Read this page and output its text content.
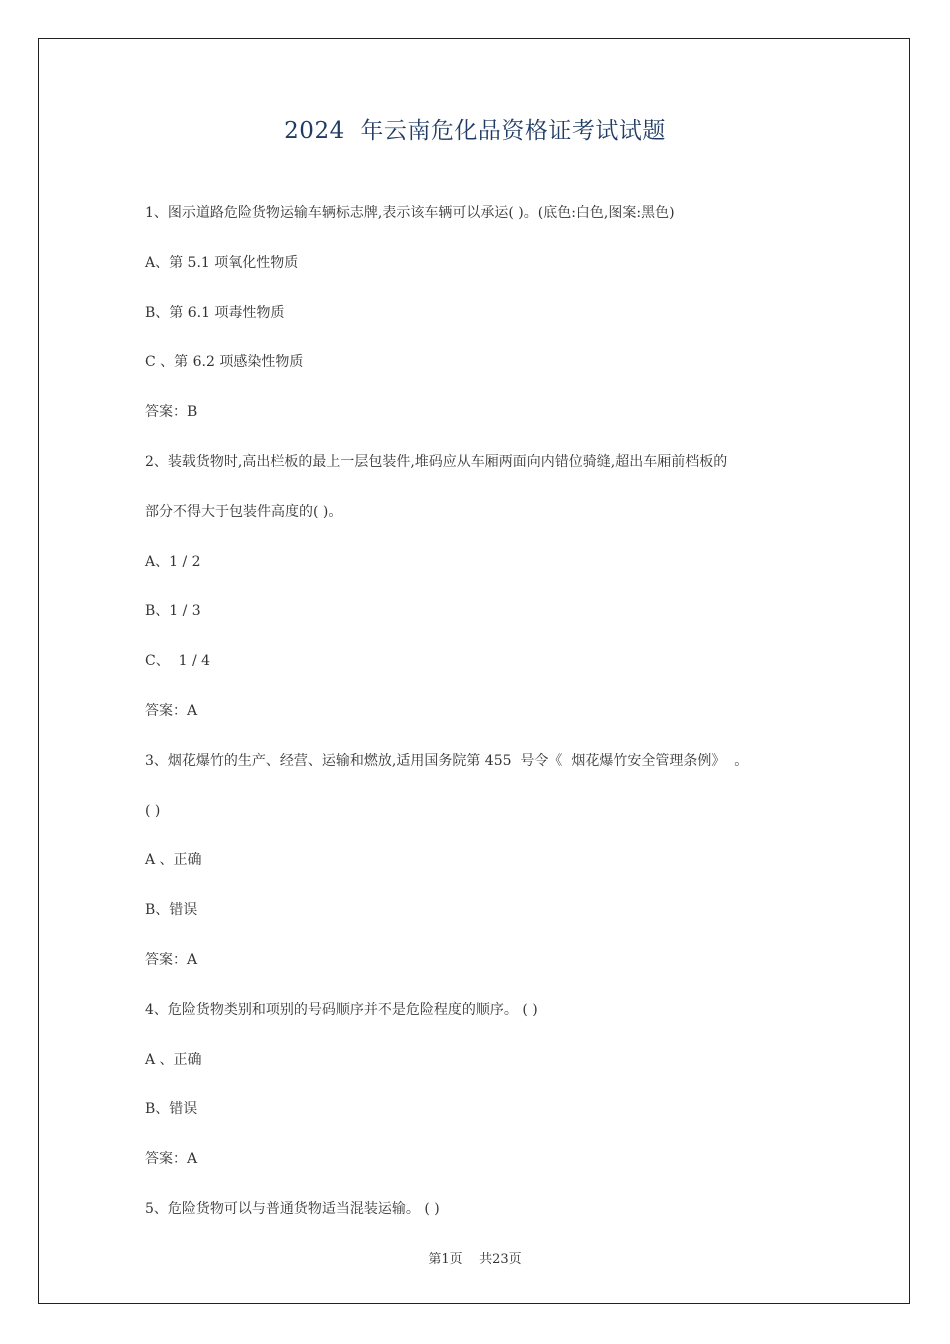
2024  年云南危化品资格证考试试题
1、图示道路危险货物运输车辆标志牌,表示该车辆可以承运( )。(底色:白色,图案:黑色)
A、第 5.1 项氧化性物质
B、第 6.1 项毒性物质
C 、第 6.2 项感染性物质
答案：B
2、装载货物时,高出栏板的最上一层包装件,堆码应从车厢两面向内错位骑缝,超出车厢前档板的
部分不得大于包装件高度的( )。
A、1 / 2
B、1 / 3
C、  1 / 4
答案：A
3、烟花爆竹的生产、经营、运输和燃放,适用国务院第 455  号令《  烟花爆竹安全管理条例》  。
( )
A 、正确
B、错误
答案：A
4、危险货物类别和项别的号码顺序并不是危险程度的顺序。 ( )
A 、正确
B、错误
答案：A
5、危险货物可以与普通货物适当混装运输。 ( )
第1页 共23页
